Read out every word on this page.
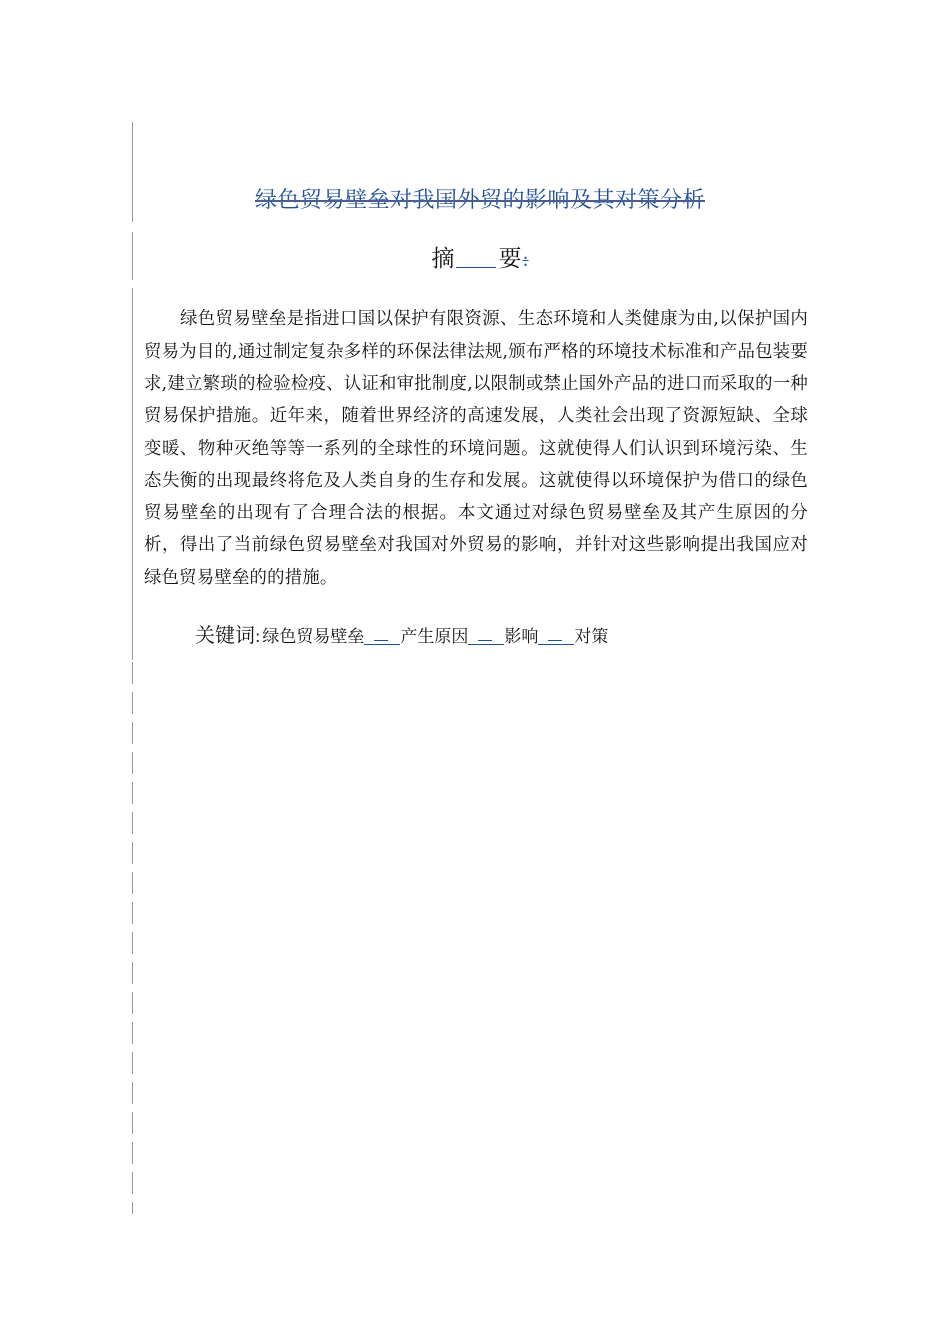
绿色贸易壁垒对我国外贸的影响及其对策分析
摘 要:

绿色贸易壁垒是指进口国以保护有限资源、生态环境和人类健康为由,以保护国内贸易为目的,通过制定复杂多样的环保法律法规,颁布严格的环境技术标准和产品包装要求,建立繁琐的检验检疫、认证和审批制度,以限制或禁止国外产品的进口而采取的一种贸易保护措施。近年来，随着世界经济的高速发展，人类社会出现了资源短缺、全球变暖、物种灭绝等等一系列的全球性的环境问题。这就使得人们认识到环境污染、生态失衡的出现最终将危及人类自身的生存和发展。这就使得以环境保护为借口的绿色贸易壁垒的出现有了合理合法的根据。本文通过对绿色贸易壁垒及其产生原因的分析，得出了当前绿色贸易壁垒对我国对外贸易的影响，并针对这些影响提出我国应对绿色贸易壁垒的的措施。

关键词: 绿色贸易壁垒 产生原因 影响 对策
